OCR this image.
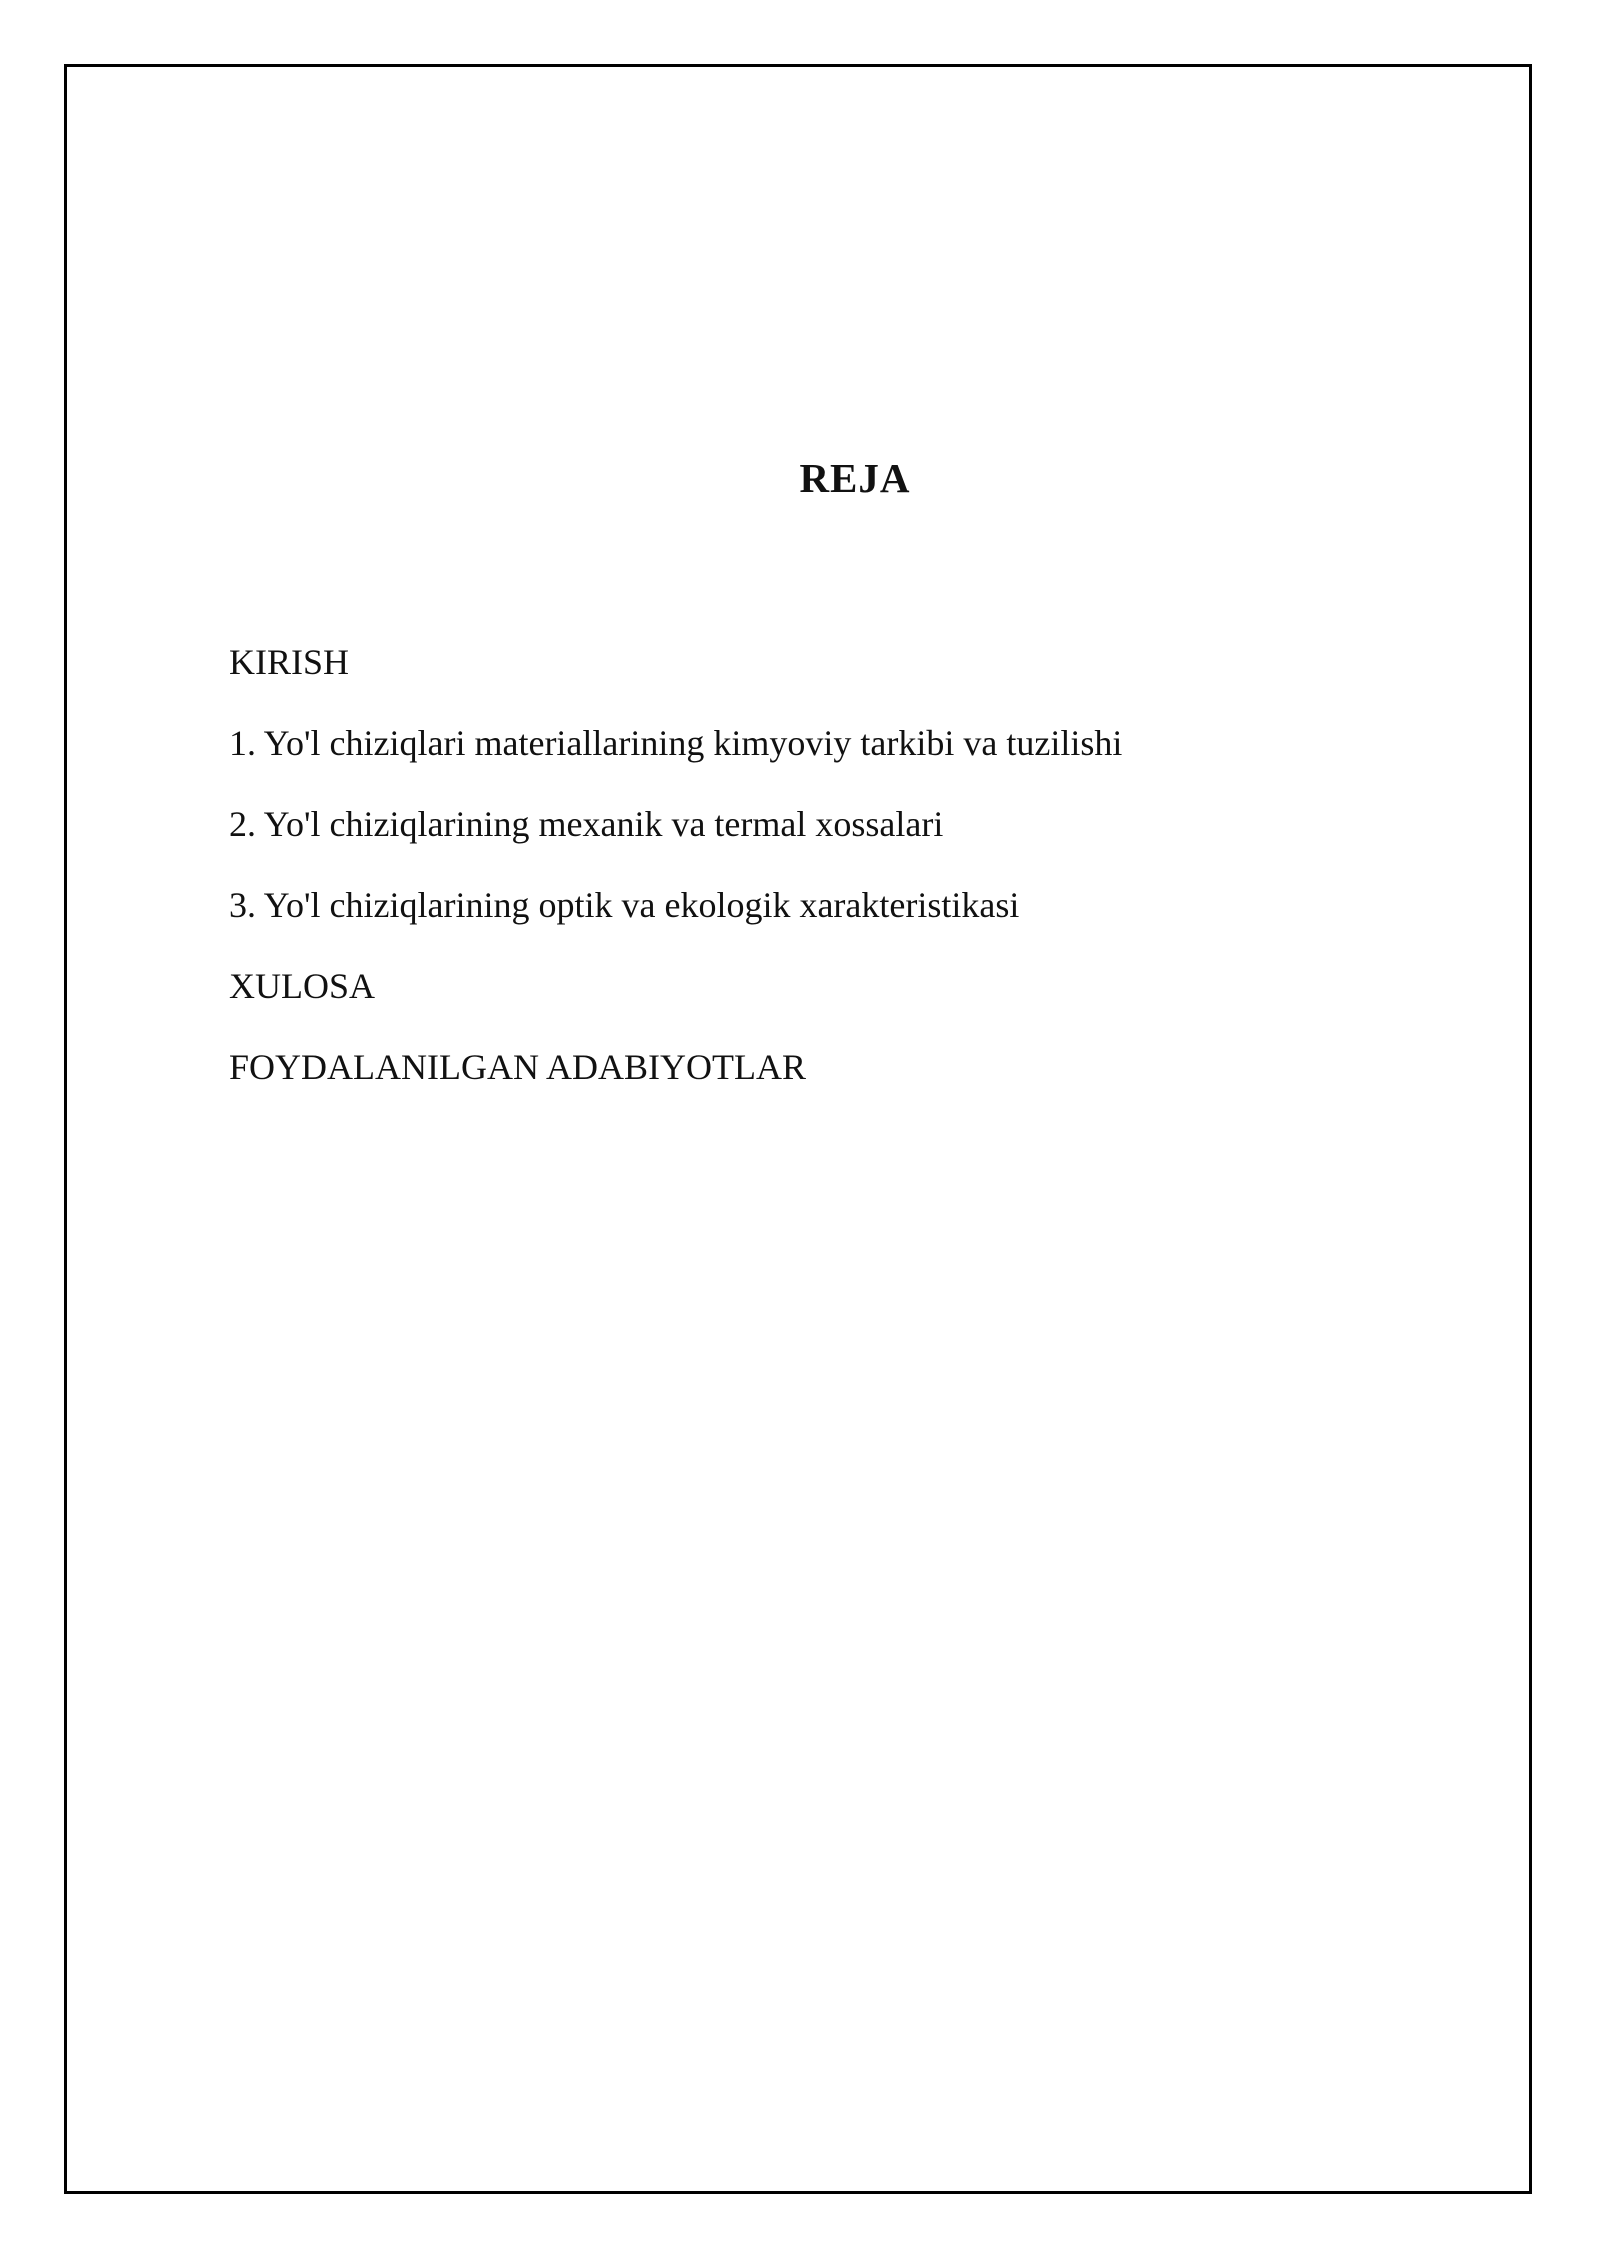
REJA
KIRISH
1. Yo'l chiziqlari materiallarining kimyoviy tarkibi va tuzilishi
2. Yo'l chiziqlarining mexanik va termal xossalari
3. Yo'l chiziqlarining optik va ekologik xarakteristikasi
XULOSA
FOYDALANILGAN ADABIYOTLAR
